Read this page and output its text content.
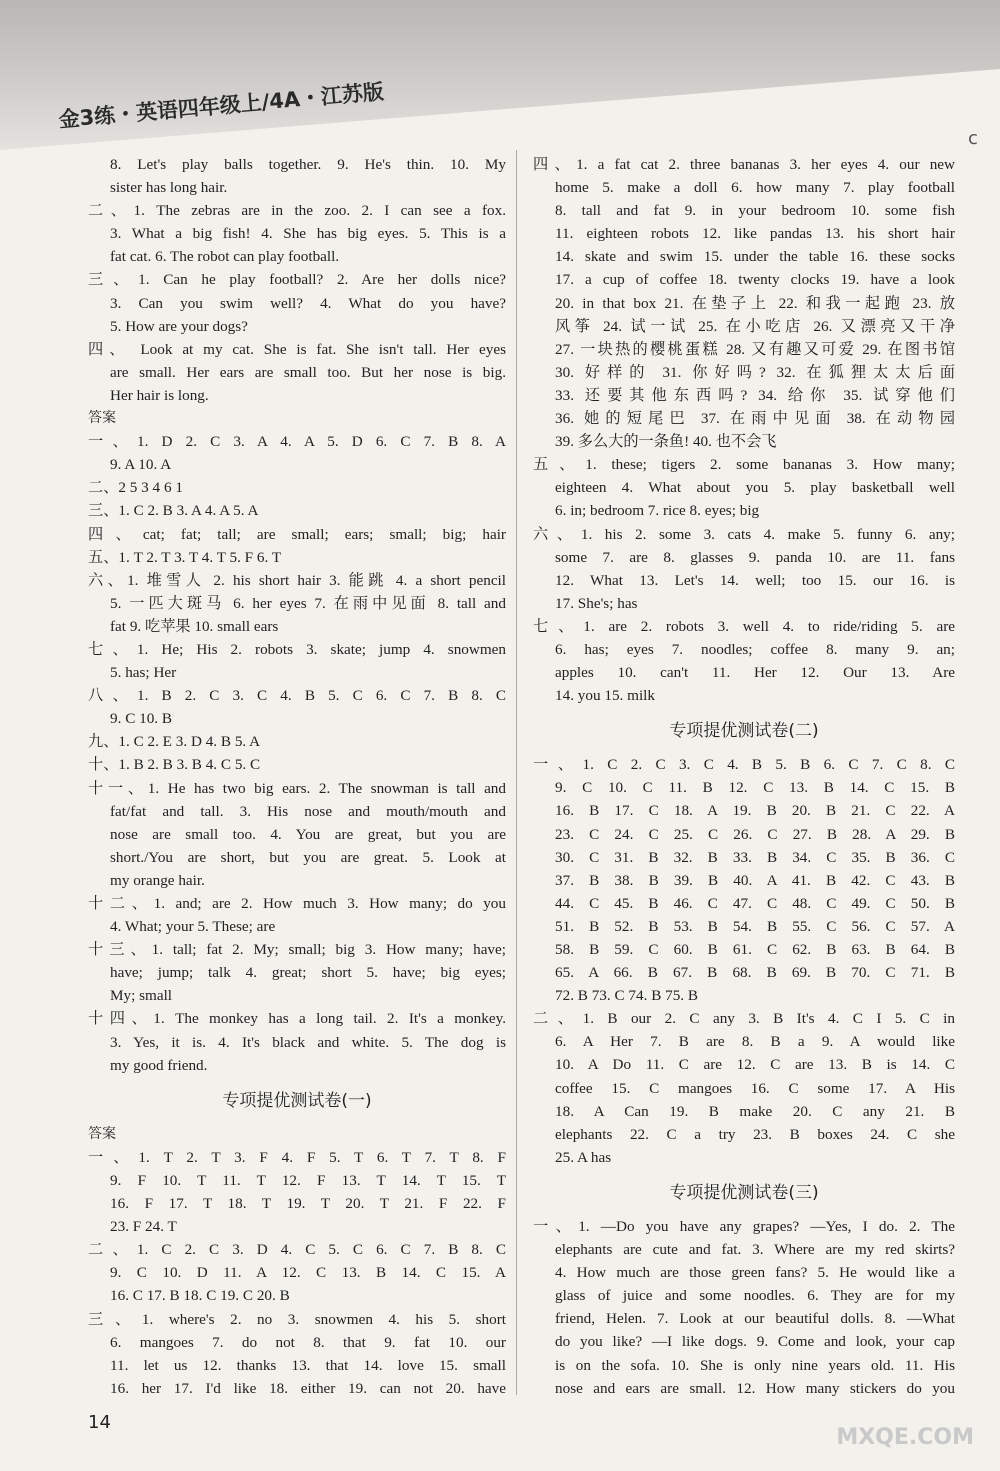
金3练・英语四年级上/4A・江苏版
c
8. Let's play balls together. 9. He's thin. 10. My
sister has long hair.
二、1. The zebras are in the zoo. 2. I can see a fox.
3. What a big fish! 4. She has big eyes. 5. This is a
fat cat. 6. The robot can play football.
三、1. Can he play football? 2. Are her dolls nice?
3. Can you swim well? 4. What do you have?
5. How are your dogs?
四、 Look at my cat. She is fat. She isn't tall. Her eyes
are small. Her ears are small too. But her nose is big.
Her hair is long.
答案
一、1. D 2. C 3. A 4. A 5. D 6. C 7. B 8. A
9. A 10. A
二、2 5 3 4 6 1
三、1. C 2. B 3. A 4. A 5. A
四、cat; fat; tall; are small; ears; small; big; hair
五、1. T 2. T 3. T 4. T 5. F 6. T
六、1. 堆雪人 2. his short hair 3. 能跳 4. a short pencil
5. 一匹大斑马 6. her eyes 7. 在雨中见面 8. tall and
fat 9. 吃苹果 10. small ears
七、1. He; His 2. robots 3. skate; jump 4. snowmen
5. has; Her
八、1. B 2. C 3. C 4. B 5. C 6. C 7. B 8. C
9. C 10. B
九、1. C 2. E 3. D 4. B 5. A
十、1. B 2. B 3. B 4. C 5. C
十一、1. He has two big ears. 2. The snowman is tall and
fat/fat and tall. 3. His nose and mouth/mouth and
nose are small too. 4. You are great, but you are
short./You are short, but you are great. 5. Look at
my orange hair.
十二、1. and; are 2. How much 3. How many; do you
4. What; your 5. These; are
十三、1. tall; fat 2. My; small; big 3. How many; have;
have; jump; talk 4. great; short 5. have; big eyes;
My; small
十四、1. The monkey has a long tail. 2. It's a monkey.
3. Yes, it is. 4. It's black and white. 5. The dog is
my good friend.
专项提优测试卷(一)
答案
一、1. T 2. T 3. F 4. F 5. T 6. T 7. T 8. F
9. F 10. T 11. T 12. F 13. T 14. T 15. T
16. F 17. T 18. T 19. T 20. T 21. F 22. F
23. F 24. T
二、1. C 2. C 3. D 4. C 5. C 6. C 7. B 8. C
9. C 10. D 11. A 12. C 13. B 14. C 15. A
16. C 17. B 18. C 19. C 20. B
三、1. where's 2. no 3. snowmen 4. his 5. short
6. mangoes 7. do not 8. that 9. fat 10. our
11. let us 12. thanks 13. that 14. love 15. small
16. her 17. I'd like 18. either 19. can not 20. have
四、1. a fat cat 2. three bananas 3. her eyes 4. our new
home 5. make a doll 6. how many 7. play football
8. tall and fat 9. in your bedroom 10. some fish
11. eighteen robots 12. like pandas 13. his short hair
14. skate and swim 15. under the table 16. these socks
17. a cup of coffee 18. twenty clocks 19. have a look
20. in that box 21. 在垫子上 22. 和我一起跑 23. 放
风筝 24. 试一试 25. 在小吃店 26. 又漂亮又干净
27. 一块热的樱桃蛋糕 28. 又有趣又可爱 29. 在图书馆
30. 好样的 31. 你好吗? 32. 在狐狸太太后面
33. 还要其他东西吗? 34. 给你 35. 试穿他们
36. 她的短尾巴 37. 在雨中见面 38. 在动物园
39. 多么大的一条鱼! 40. 也不会飞
五、1. these; tigers 2. some bananas 3. How many;
eighteen 4. What about you 5. play basketball well
6. in; bedroom 7. rice 8. eyes; big
六、1. his 2. some 3. cats 4. make 5. funny 6. any;
some 7. are 8. glasses 9. panda 10. are 11. fans
12. What 13. Let's 14. well; too 15. our 16. is
17. She's; has
七、1. are 2. robots 3. well 4. to ride/riding 5. are
6. has; eyes 7. noodles; coffee 8. many 9. an;
apples 10. can't 11. Her 12. Our 13. Are
14. you 15. milk
专项提优测试卷(二)
一、1. C 2. C 3. C 4. B 5. B 6. C 7. C 8. C
9. C 10. C 11. B 12. C 13. B 14. C 15. B
16. B 17. C 18. A 19. B 20. B 21. C 22. A
23. C 24. C 25. C 26. C 27. B 28. A 29. B
30. C 31. B 32. B 33. B 34. C 35. B 36. C
37. B 38. B 39. B 40. A 41. B 42. C 43. B
44. C 45. B 46. C 47. C 48. C 49. C 50. B
51. B 52. B 53. B 54. B 55. C 56. C 57. A
58. B 59. C 60. B 61. C 62. B 63. B 64. B
65. A 66. B 67. B 68. B 69. B 70. C 71. B
72. B 73. C 74. B 75. B
二、1. B our 2. C any 3. B It's 4. C I 5. C in
6. A Her 7. B are 8. B a 9. A would like
10. A Do 11. C are 12. C are 13. B is 14. C
coffee 15. C mangoes 16. C some 17. A His
18. A Can 19. B make 20. C any 21. B
elephants 22. C a try 23. B boxes 24. C she
25. A has
专项提优测试卷(三)
一、1. —Do you have any grapes? —Yes, I do. 2. The
elephants are cute and fat. 3. Where are my red skirts?
4. How much are those green fans? 5. He would like a
glass of juice and some noodles. 6. They are for my
friend, Helen. 7. Look at our beautiful dolls. 8. —What
do you like? —I like dogs. 9. Come and look, your cap
is on the sofa. 10. She is only nine years old. 11. His
nose and ears are small. 12. How many stickers do you
14
MXQE.COM
